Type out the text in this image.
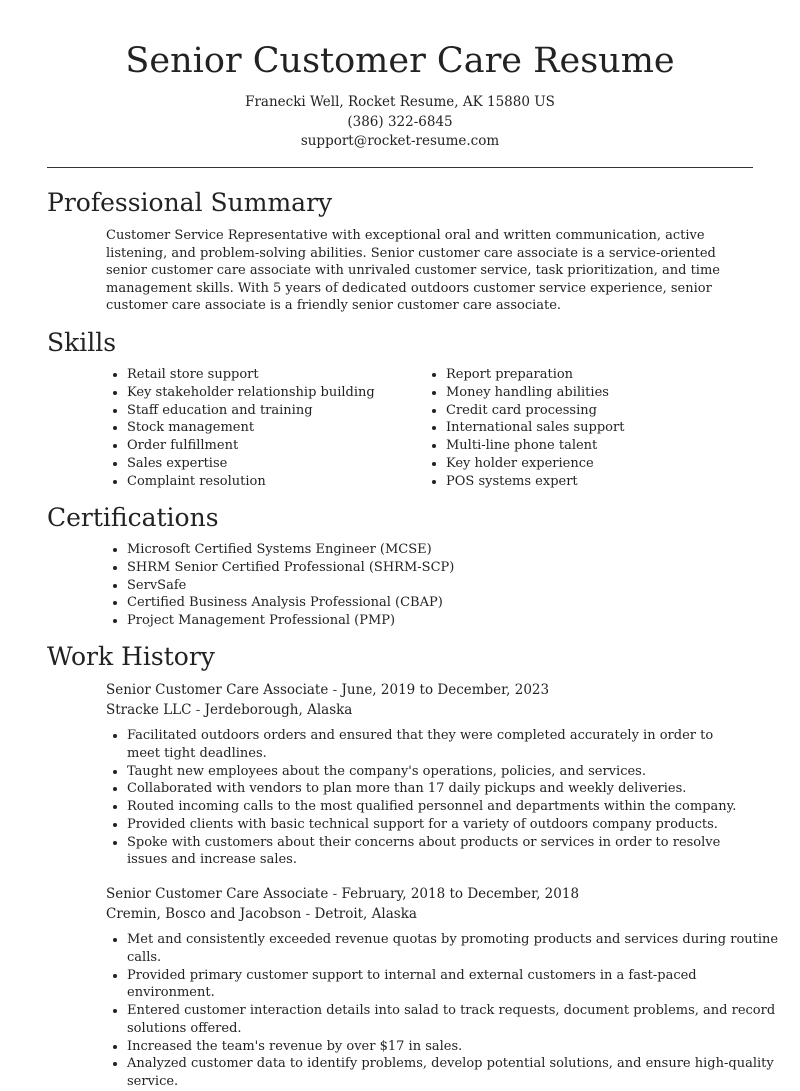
Senior Customer Care Resume
Franecki Well, Rocket Resume, AK 15880 US
(386) 322-6845
support@rocket-resume.com
Professional Summary
Customer Service Representative with exceptional oral and written communication, active listening, and problem-solving abilities. Senior customer care associate is a service-oriented senior customer care associate with unrivaled customer service, task prioritization, and time management skills. With 5 years of dedicated outdoors customer service experience, senior customer care associate is a friendly senior customer care associate.
Skills
• Retail store support
• Key stakeholder relationship building
• Staff education and training
• Stock management
• Order fulfillment
• Sales expertise
• Complaint resolution
• Report preparation
• Money handling abilities
• Credit card processing
• International sales support
• Multi-line phone talent
• Key holder experience
• POS systems expert
Certifications
• Microsoft Certified Systems Engineer (MCSE)
• SHRM Senior Certified Professional (SHRM-SCP)
• ServSafe
• Certified Business Analysis Professional (CBAP)
• Project Management Professional (PMP)
Work History
Senior Customer Care Associate - June, 2019 to December, 2023
Stracke LLC - Jerdeborough, Alaska
• Facilitated outdoors orders and ensured that they were completed accurately in order to meet tight deadlines.
• Taught new employees about the company's operations, policies, and services.
• Collaborated with vendors to plan more than 17 daily pickups and weekly deliveries.
• Routed incoming calls to the most qualified personnel and departments within the company.
• Provided clients with basic technical support for a variety of outdoors company products.
• Spoke with customers about their concerns about products or services in order to resolve issues and increase sales.
Senior Customer Care Associate - February, 2018 to December, 2018
Cremin, Bosco and Jacobson - Detroit, Alaska
• Met and consistently exceeded revenue quotas by promoting products and services during routine calls.
• Provided primary customer support to internal and external customers in a fast-paced environment.
• Entered customer interaction details into salad to track requests, document problems, and record solutions offered.
• Increased the team's revenue by over $17 in sales.
• Analyzed customer data to identify problems, develop potential solutions, and ensure high-quality service.
